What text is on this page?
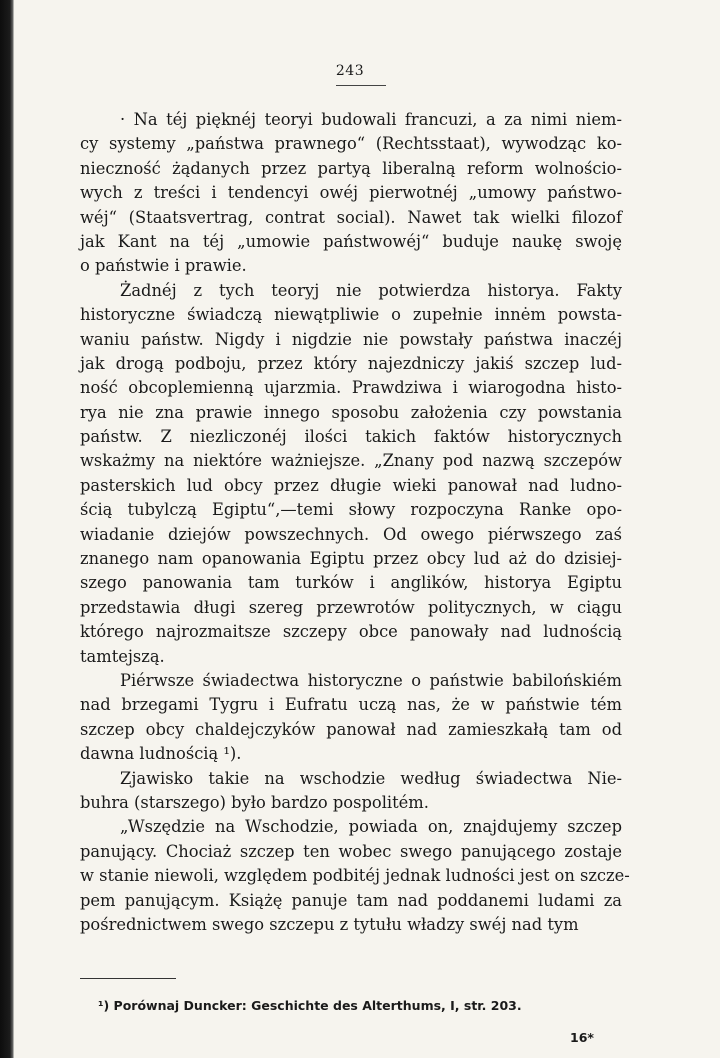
243
· Na téj pięknéj teoryi budowali francuzi, a za nimi niem-
cy systemy „państwa prawnego“ (Rechtsstaat), wywodząc ko-
nieczność żądanych przez partyą liberalną reform wolnościo-
wych z treści i tendencyi owéj pierwotnéj „umowy państwo-
wéj“ (Staatsvertrag, contrat social). Nawet tak wielki filozof
jak Kant na téj „umowie państwowéj“ buduje naukę swoję
o państwie i prawie.
Żadnéj z tych teoryj nie potwierdza historya. Fakty
historyczne świadczą niewątpliwie o zupełnie innėm powsta-
waniu państw. Nigdy i nigdzie nie powstały państwa inaczéj
jak drogą podboju, przez który najezdniczy jakiś szczep lud-
ność obcoplemienną ujarzmia. Prawdziwa i wiarogodna histo-
rya nie zna prawie innego sposobu założenia czy powstania
państw. Z niezliczonéj ilości takich faktów historycznych
wskażmy na niektóre ważniejsze. „Znany pod nazwą szczepów
pasterskich lud obcy przez długie wieki panował nad ludno-
ścią tubylczą Egiptu“,—temi słowy rozpoczyna Ranke opo-
wiadanie dziejów powszechnych. Od owego piérwszego zaś
znanego nam opanowania Egiptu przez obcy lud aż do dzisiej-
szego panowania tam turków i anglików, historya Egiptu
przedstawia długi szereg przewrotów politycznych, w ciągu
którego najrozmaitsze szczepy obce panowały nad ludnością
tamtejszą.
Piérwsze świadectwa historyczne o państwie babilońskiém
nad brzegami Tygru i Eufratu uczą nas, że w państwie tém
szczep obcy chaldejczyków panował nad zamieszkałą tam od
dawna ludnością ¹).
Zjawisko takie na wschodzie według świadectwa Nie-
buhra (starszego) było bardzo pospolitém.
„Wszędzie na Wschodzie, powiada on, znajdujemy szczep
panujący. Chociaż szczep ten wobec swego panującego zostaje
w stanie niewoli, względem podbitéj jednak ludności jest on szcze-
pem panującym. Książę panuje tam nad poddanemi ludami za
pośrednictwem swego szczepu z tytułu władzy swéj nad tym
¹) Porównaj Duncker: Geschichte des Alterthums, I, str. 203.
16*
